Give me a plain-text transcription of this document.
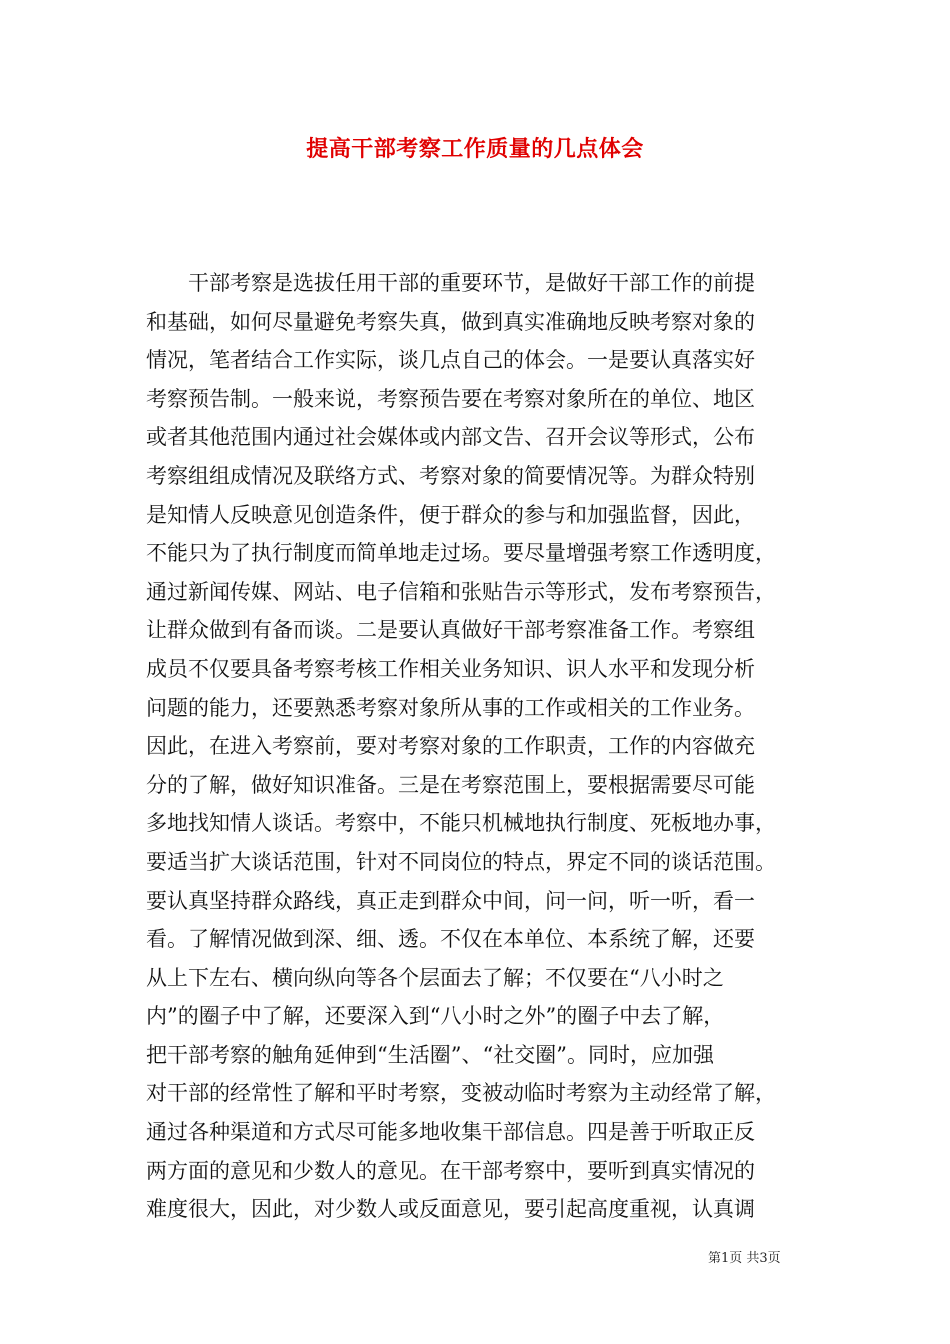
提高干部考察工作质量的几点体会
干部考察是选拔任用干部的重要环节，是做好干部工作的前提
和基础，如何尽量避免考察失真，做到真实准确地反映考察对象的
情况，笔者结合工作实际，谈几点自己的体会。一是要认真落实好
考察预告制。一般来说，考察预告要在考察对象所在的单位、地区
或者其他范围内通过社会媒体或内部文告、召开会议等形式，公布
考察组组成情况及联络方式、考察对象的简要情况等。为群众特别
是知情人反映意见创造条件，便于群众的参与和加强监督，因此，
不能只为了执行制度而简单地走过场。要尽量增强考察工作透明度，
通过新闻传媒、网站、电子信箱和张贴告示等形式，发布考察预告，
让群众做到有备而谈。二是要认真做好干部考察准备工作。考察组
成员不仅要具备考察考核工作相关业务知识、识人水平和发现分析
问题的能力，还要熟悉考察对象所从事的工作或相关的工作业务。
因此，在进入考察前，要对考察对象的工作职责，工作的内容做充
分的了解，做好知识准备。三是在考察范围上，要根据需要尽可能
多地找知情人谈话。考察中，不能只机械地执行制度、死板地办事，
要适当扩大谈话范围，针对不同岗位的特点，界定不同的谈话范围。
要认真坚持群众路线，真正走到群众中间，问一问，听一听，看一
看。了解情况做到深、细、透。不仅在本单位、本系统了解，还要
从上下左右、横向纵向等各个层面去了解；不仅要在“八小时之
内”的圈子中了解，还要深入到“八小时之外”的圈子中去了解，
把干部考察的触角延伸到“生活圈”、“社交圈”。同时，应加强
对干部的经常性了解和平时考察，变被动临时考察为主动经常了解，
通过各种渠道和方式尽可能多地收集干部信息。四是善于听取正反
两方面的意见和少数人的意见。在干部考察中，要听到真实情况的
难度很大，因此，对少数人或反面意见，要引起高度重视，认真调
第1页 共3页
